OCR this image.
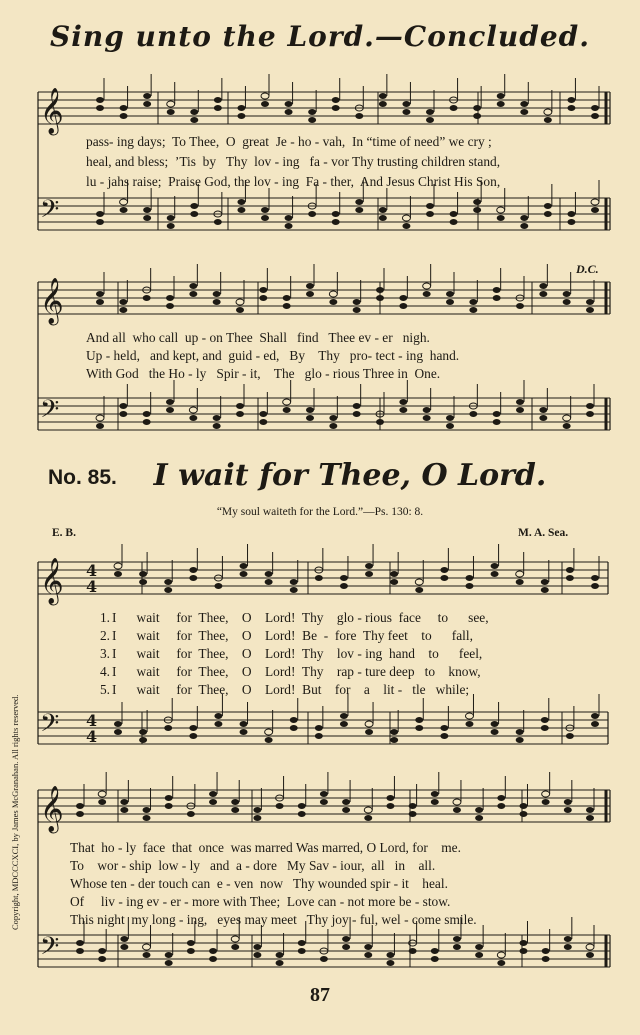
𝄞
𝄢
𝄞
𝄢
𝄞
𝄢
𝄞
𝄢
4
4
4
4
Sing unto the Lord.—Concluded.
D.C.
pass- ing days;  To Thee,  O  great  Je - ho - vah,  In “time of need” we cry ;
heal, and bless;  ’Tis  by   Thy  lov - ing   fa - vor Thy trusting children stand,
lu - jahs raise;  Praise God, the lov - ing  Fa - ther,  And Jesus Christ His Son,
And all  who call  up - on Thee  Shall   find   Thee ev - er   nigh.
Up - held,   and kept, and  guid - ed,   By    Thy   pro- tect - ing  hand.
With God   the Ho - ly   Spir - it,    The   glo - rious Three in  One.
No. 85.	I wait for Thee, O Lord.
“My soul waiteth for the Lord.”—Ps. 130: 8.
E. B.	M. A. Sea.
1.
2.
3.
4.
5.
I      wait     for  Thee,    O    Lord!  Thy    glo - rious  face     to      see,
I      wait     for  Thee,    O    Lord!  Be  -  fore  Thy feet    to      fall,
I      wait     for  Thee,    O    Lord!  Thy    lov - ing  hand    to      feel,
I      wait     for  Thee,    O    Lord!  Thy    rap - ture deep   to    know,
I      wait     for  Thee,    O    Lord!  But    for    a    lit -   tle   while;
That  ho - ly  face  that  once  was marred Was marred, O Lord, for    me.
To    wor - ship  low - ly   and  a - dore   My Sav - iour,  all   in    all.
Whose ten - der touch can  e - ven  now   Thy wounded spir - it    heal.
Of     liv - ing ev - er - more with Thee;  Love can - not more be - stow.
This night  my long - ing,   eyes may meet   Thy joy - ful, wel - come smile.
Copyright, MDCCCXCI, by James McGranahan. All rights reserved.
87
